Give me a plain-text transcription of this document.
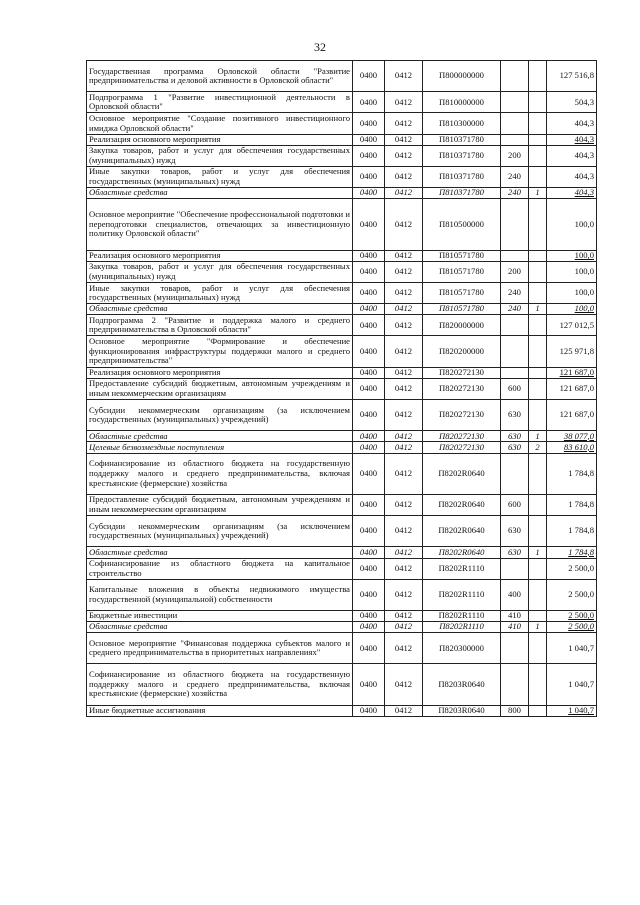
32
Государственная программа Орловской области "Развитие предпринимательства и деловой активности в Орловской области"	0400	0412	П800000000			127 516,8
Подпрограмма 1 "Развитие инвестиционной деятельности в Орловской области"	0400	0412	П810000000			504,3
Основное мероприятие "Создание позитивного инвестиционного имиджа Орловской области"	0400	0412	П810300000			404,3
Реализация основного мероприятия	0400	0412	П810371780			404,3
Закупка товаров, работ и услуг для обеспечения государственных (муниципальных) нужд	0400	0412	П810371780	200		404,3
Иные закупки товаров, работ и услуг для обеспечения государственных (муниципальных) нужд	0400	0412	П810371780	240		404,3
Областные средства	0400	0412	П810371780	240	1	404,3
Основное мероприятие "Обеспечение профессиональной подготовки и переподготовки специалистов, отвечающих за инвестиционную политику Орловской области"	0400	0412	П810500000			100,0
Реализация основного мероприятия	0400	0412	П810571780			100,0
Закупка товаров, работ и услуг для обеспечения государственных (муниципальных) нужд	0400	0412	П810571780	200		100,0
Иные закупки товаров, работ и услуг для обеспечения государственных (муниципальных) нужд	0400	0412	П810571780	240		100,0
Областные средства	0400	0412	П810571780	240	1	100,0
Подпрограмма 2 "Развитие и поддержка малого и среднего предпринимательства в Орловской области"	0400	0412	П820000000			127 012,5
Основное мероприятие "Формирование и обеспечение функционирования инфраструктуры поддержки малого и среднего предпринимательства"	0400	0412	П820200000			125 971,8
Реализация основного мероприятия	0400	0412	П820272130			121 687,0
Предоставление субсидий бюджетным, автономным учреждениям и иным некоммерческим организациям	0400	0412	П820272130	600		121 687,0
Субсидии некоммерческим организациям (за исключением государственных (муниципальных) учреждений)	0400	0412	П820272130	630		121 687,0
Областные средства	0400	0412	П820272130	630	1	38 077,0
Целевые безвозмездные поступления	0400	0412	П820272130	630	2	83 610,0
Софинансирование из областного бюджета на государственную поддержку малого и среднего предпринимательства, включая крестьянские (фермерские) хозяйства	0400	0412	П8202R0640			1 784,8
Предоставление субсидий бюджетным, автономным учреждениям и иным некоммерческим организациям	0400	0412	П8202R0640	600		1 784,8
Субсидии некоммерческим организациям (за исключением государственных (муниципальных) учреждений)	0400	0412	П8202R0640	630		1 784,8
Областные средства	0400	0412	П8202R0640	630	1	1 784,8
Софинансирование из областного бюджета на капитальное строительство	0400	0412	П8202R1110			2 500,0
Капитальные вложения в объекты недвижимого имущества государственной (муниципальной) собственности	0400	0412	П8202R1110	400		2 500,0
Бюджетные инвестиции	0400	0412	П8202R1110	410		2 500,0
Областные средства	0400	0412	П8202R1110	410	1	2 500,0
Основное мероприятие "Финансовая поддержка субъектов малого и среднего предпринимательства в приоритетных направлениях"	0400	0412	П820300000			1 040,7
Софинансирование из областного бюджета на государственную поддержку малого и среднего предпринимательства, включая крестьянские (фермерские) хозяйства	0400	0412	П8203R0640			1 040,7
Иные бюджетные ассигнования	0400	0412	П8203R0640	800		1 040,7
